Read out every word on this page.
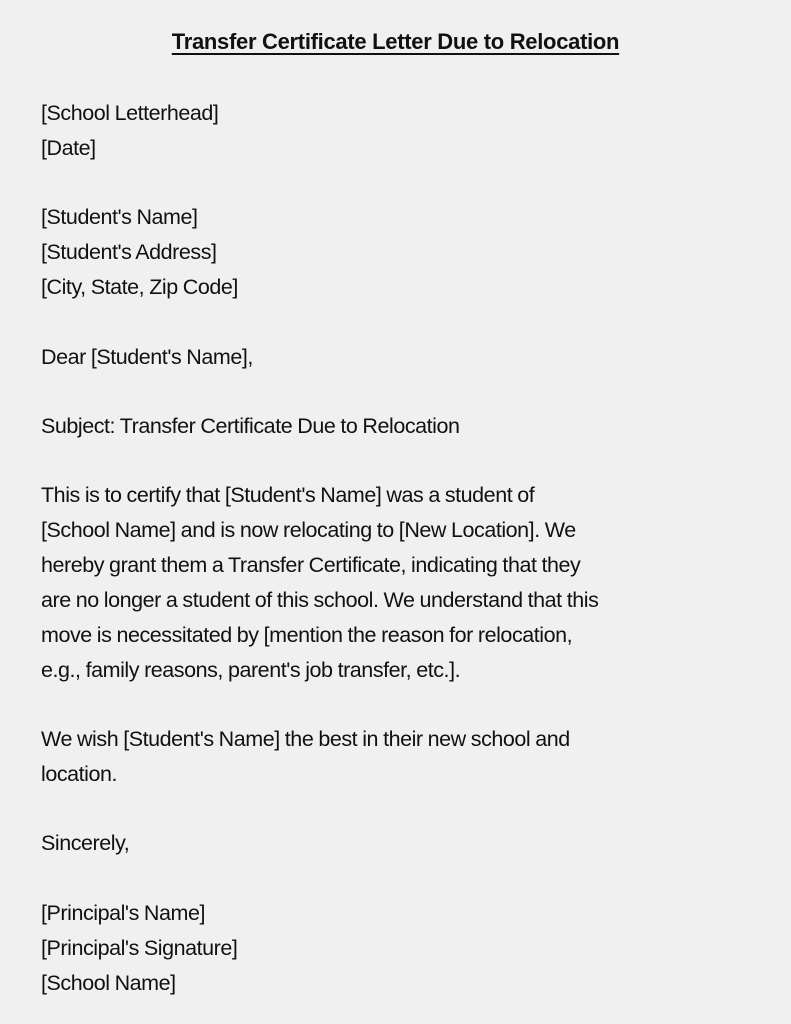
Transfer Certificate Letter Due to Relocation
[School Letterhead]
[Date]
[Student's Name]
[Student's Address]
[City, State, Zip Code]
Dear [Student's Name],
Subject: Transfer Certificate Due to Relocation
This is to certify that [Student's Name] was a student of
[School Name] and is now relocating to [New Location]. We
hereby grant them a Transfer Certificate, indicating that they
are no longer a student of this school. We understand that this
move is necessitated by [mention the reason for relocation,
e.g., family reasons, parent's job transfer, etc.].
We wish [Student's Name] the best in their new school and
location.
Sincerely,
[Principal's Name]
[Principal's Signature]
[School Name]
